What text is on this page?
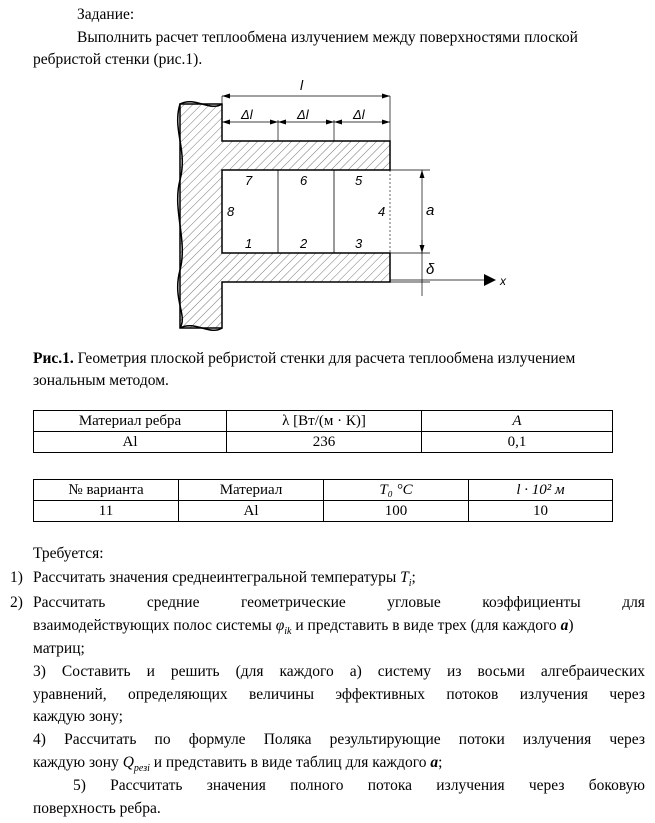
Задание:
Выполнить расчет теплообмена излучением между поверхностями плоской
ребристой стенки (рис.1).
l
Δl	Δl	Δl
1	2	3
4
5
6
7
8	a
δ
x
Рис.1. Геометрия плоской ребристой стенки для расчета теплообмена излучением
зональным методом.
Материал ребра	λ [Вт/(м · К)]	A
Al	236	0,1
№ варианта	Материал	T₀ °C	l · 10² м
11	Al	100	10
Требуется:
1) Рассчитать значения среднеинтегральной температуры $T_i$;
2) Рассчитать	средние	геометрические	угловые	коэффициенты	для
взаимодействующих полос системы $\varphi_{ik}$ и представить в виде трех (для каждого a)
матриц;
3) Составить и решить (для каждого a) систему из восьми алгебраических
уравнений, определяющих величины эффективных потоков излучения через
каждую зону;
4) Рассчитать по формуле Поляка результирующие потоки излучения через
каждую зону $Q_{резi}$ и представить в виде таблиц для каждого a;
5) Рассчитать значения полного потока излучения через боковую
поверхность ребра.
